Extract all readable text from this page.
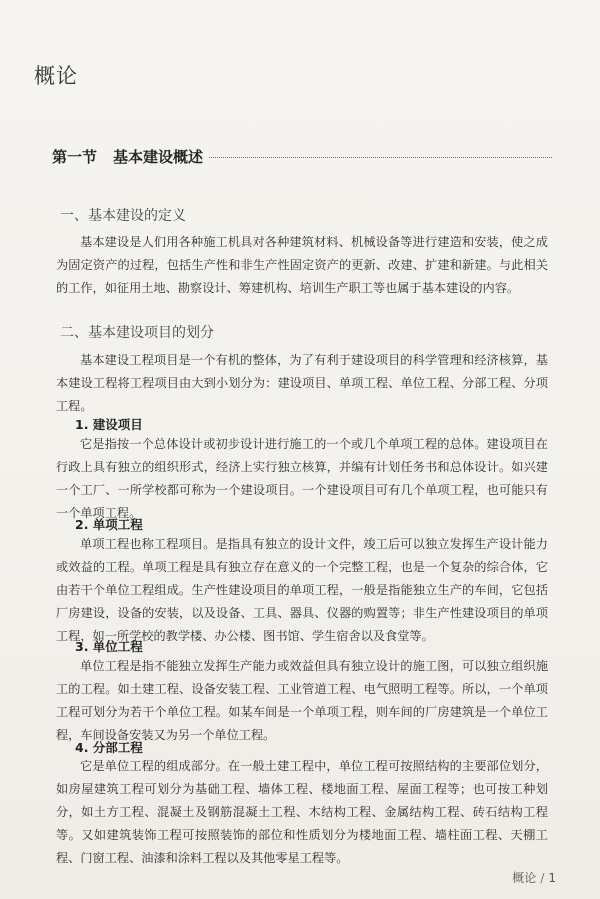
概论
第一节 基本建设概述
一、基本建设的定义
基本建设是人们用各种施工机具对各种建筑材料、机械设备等进行建造和安装，使之成为固定资产的过程，包括生产性和非生产性固定资产的更新、改建、扩建和新建。与此相关的工作，如征用土地、勘察设计、筹建机构、培训生产职工等也属于基本建设的内容。
二、基本建设项目的划分
基本建设工程项目是一个有机的整体，为了有利于建设项目的科学管理和经济核算，基本建设工程将工程项目由大到小划分为：建设项目、单项工程、单位工程、分部工程、分项工程。
1. 建设项目
它是指按一个总体设计或初步设计进行施工的一个或几个单项工程的总体。建设项目在行政上具有独立的组织形式，经济上实行独立核算，并编有计划任务书和总体设计。如兴建一个工厂、一所学校都可称为一个建设项目。一个建设项目可有几个单项工程，也可能只有一个单项工程。
2. 单项工程
单项工程也称工程项目。是指具有独立的设计文件，竣工后可以独立发挥生产设计能力或效益的工程。单项工程是具有独立存在意义的一个完整工程，也是一个复杂的综合体，它由若干个单位工程组成。生产性建设项目的单项工程，一般是指能独立生产的车间，它包括厂房建设，设备的安装，以及设备、工具、器具、仪器的购置等；非生产性建设项目的单项工程，如一所学校的教学楼、办公楼、图书馆、学生宿舍以及食堂等。
3. 单位工程
单位工程是指不能独立发挥生产能力或效益但具有独立设计的施工图，可以独立组织施工的工程。如土建工程、设备安装工程、工业管道工程、电气照明工程等。所以，一个单项工程可划分为若干个单位工程。如某车间是一个单项工程，则车间的厂房建筑是一个单位工程，车间设备安装又为另一个单位工程。
4. 分部工程
它是单位工程的组成部分。在一般土建工程中，单位工程可按照结构的主要部位划分，如房屋建筑工程可划分为基础工程、墙体工程、楼地面工程、屋面工程等；也可按工种划分，如土方工程、混凝土及钢筋混凝土工程、木结构工程、金属结构工程、砖石结构工程等。又如建筑装饰工程可按照装饰的部位和性质划分为楼地面工程、墙柱面工程、天棚工程、门窗工程、油漆和涂料工程以及其他零星工程等。
概论 / 1
